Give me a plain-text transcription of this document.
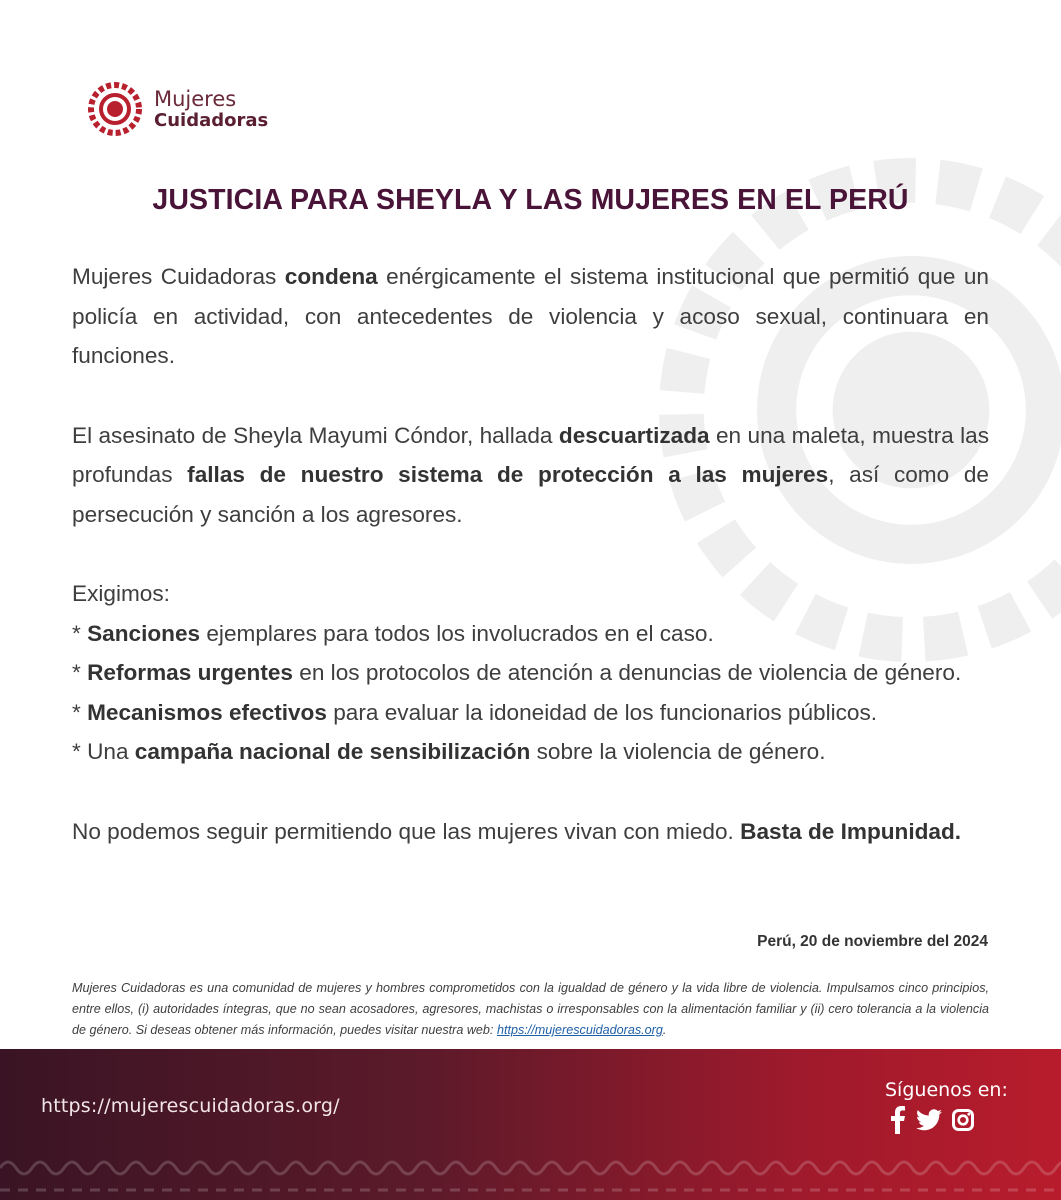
Mujeres
Cuidadoras
JUSTICIA PARA SHEYLA Y LAS MUJERES EN EL PERÚ

Mujeres Cuidadoras condena enérgicamente el sistema institucional que permitió que un policía en actividad, con antecedentes de violencia y acoso sexual, continuara en funciones.

El asesinato de Sheyla Mayumi Cóndor, hallada descuartizada en una maleta, muestra las profundas fallas de nuestro sistema de protección a las mujeres, así como de persecución y sanción a los agresores.

Exigimos:

* Sanciones ejemplares para todos los involucrados en el caso.

* Reformas urgentes en los protocolos de atención a denuncias de violencia de género.

* Mecanismos efectivos para evaluar la idoneidad de los funcionarios públicos.

* Una campaña nacional de sensibilización sobre la violencia de género.

No podemos seguir permitiendo que las mujeres vivan con miedo. Basta de Impunidad.

Perú, 20 de noviembre del 2024
Mujeres Cuidadoras es una comunidad de mujeres y hombres comprometidos con la igualdad de género y la vida libre de violencia. Impulsamos cinco principios, entre ellos, (i) autoridades íntegras, que no sean acosadores, agresores, machistas o irresponsables con la alimentación familiar y (ii) cero tolerancia a la violencia de género. Si deseas obtener más información, puedes visitar nuestra web: https://mujerescuidadoras.org.
https://mujerescuidadoras.org/
Síguenos en:
